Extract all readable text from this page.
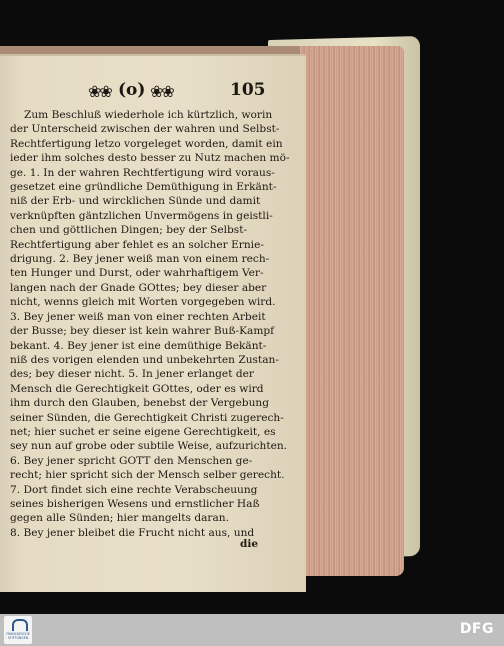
❀❀ (o) ❀❀	105
Zum Beschluß wiederhole ich kürtzlich, worin
der Unterscheid zwischen der wahren und Selbst-
Rechtfertigung letzo vorgeleget worden, damit ein
ieder ihm solches desto besser zu Nutz machen mö-
ge. 1. In der wahren Rechtfertigung wird voraus-
gesetzet eine gründliche Demüthigung in Erkänt-
niß der Erb- und wircklichen Sünde und damit
verknüpften gäntzlichen Unvermögens in geistli-
chen und göttlichen Dingen; bey der Selbst-
Rechtfertigung aber fehlet es an solcher Ernie-
drigung. 2. Bey jener weiß man von einem rech-
ten Hunger und Durst, oder wahrhaftigem Ver-
langen nach der Gnade GOttes; bey dieser aber
nicht, wenns gleich mit Worten vorgegeben wird.
3. Bey jener weiß man von einer rechten Arbeit
der Busse; bey dieser ist kein wahrer Buß-Kampf
bekant. 4. Bey jener ist eine demüthige Bekänt-
niß des vorigen elenden und unbekehrten Zustan-
des; bey dieser nicht. 5. In jener erlanget der
Mensch die Gerechtigkeit GOttes, oder es wird
ihm durch den Glauben, benebst der Vergebung
seiner Sünden, die Gerechtigkeit Christi zugerech-
net; hier suchet er seine eigene Gerechtigkeit, es
sey nun auf grobe oder subtile Weise, aufzurichten.
6. Bey jener spricht GOTT den Menschen ge-
recht; hier spricht sich der Mensch selber gerecht.
7. Dort findet sich eine rechte Verabscheuung
seines bisherigen Wesens und ernstlicher Haß
gegen alle Sünden; hier mangelts daran.
8. Bey jener bleibet die Frucht nicht aus, und
die
FRANCKESCHE
STIFTUNGEN
DFG
